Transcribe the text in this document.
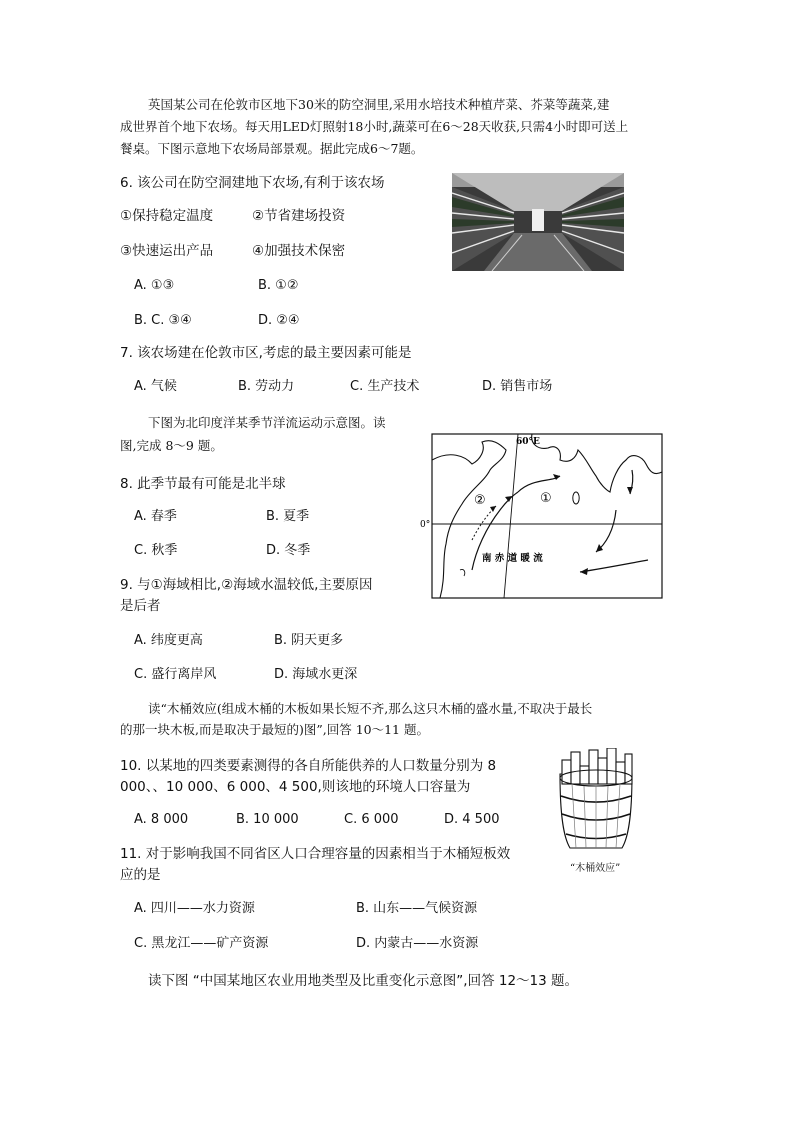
英国某公司在伦敦市区地下30米的防空洞里,采用水培技术种植芹菜、芥菜等蔬菜,建
成世界首个地下农场。每天用LED灯照射18小时,蔬菜可在6～28天收获,只需4小时即可送上
餐桌。下图示意地下农场局部景观。据此完成6～7题。
6. 该公司在防空洞建地下农场,有利于该农场
①保持稳定温度	②节省建场投资
③快速运出产品	④加强技术保密
A. ①③	B. ①②
B. C. ③④	D. ②④
7. 该农场建在伦敦市区,考虑的最主要因素可能是
A. 气候	B. 劳动力	C. 生产技术	D. 销售市场
下图为北印度洋某季节洋流运动示意图。读
图,完成 8～9 题。	60°E
0°
①
②
南 赤 道 暖 流
8. 此季节最有可能是北半球
A. 春季	B. 夏季
C. 秋季	D. 冬季
9. 与①海域相比,②海域水温较低,主要原因
是后者
A. 纬度更高	B. 阴天更多
C. 盛行离岸风	D. 海域水更深
读“木桶效应(组成木桶的木板如果长短不齐,那么这只木桶的盛水量,不取决于最长
的那一块木板,而是取决于最短的)图”,回答 10～11 题。
10. 以某地的四类要素测得的各自所能供养的人口数量分别为 8
000、、10 000、6 000、4 500,则该地的环境人口容量为
A. 8 000	B. 10 000	C. 6 000	D. 4 500
“木桶效应”
11. 对于影响我国不同省区人口合理容量的因素相当于木桶短板效
应的是
A. 四川——水力资源	B. 山东——气候资源
C. 黑龙江——矿产资源	D. 内蒙古——水资源
读下图 “中国某地区农业用地类型及比重变化示意图”,回答 12～13 题。
